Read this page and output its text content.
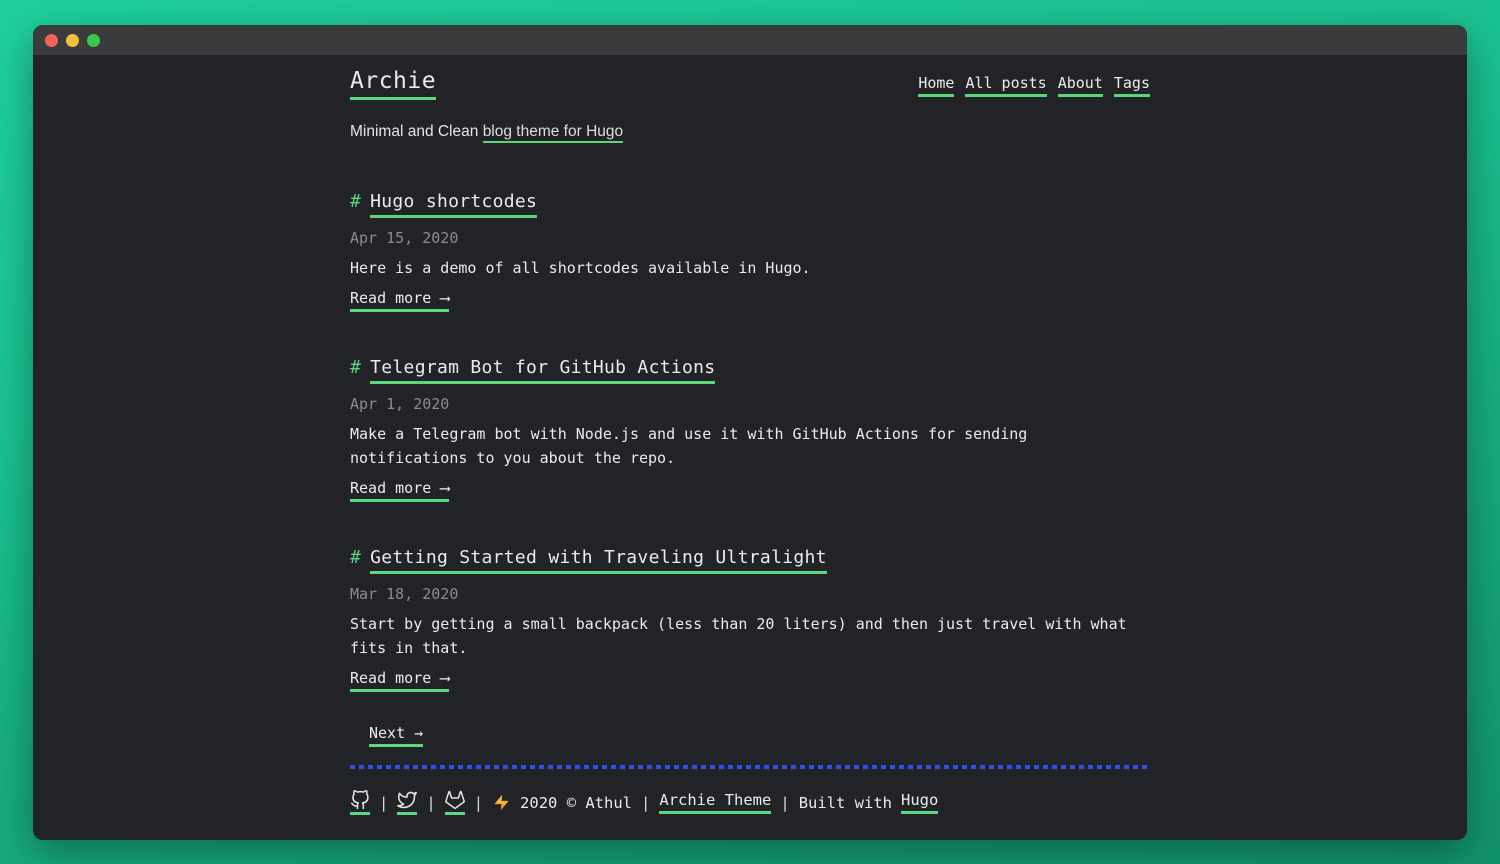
Archie	Home All posts About Tags

Minimal and Clean blog theme for Hugo

# Hugo shortcodes
Apr 15, 2020

Here is a demo of all shortcodes available in Hugo.

Read more ⟶
# Telegram Bot for GitHub Actions
Apr 1, 2020

Make a Telegram bot with Node.js and use it with GitHub Actions for sending notifications to you about the repo.

Read more ⟶
# Getting Started with Traveling Ultralight
Mar 18, 2020

Start by getting a small backpack (less than 20 liters) and then just travel with what fits in that.

Read more ⟶
Next →
| | | 2020 © Athul | Archie Theme | Built with Hugo
